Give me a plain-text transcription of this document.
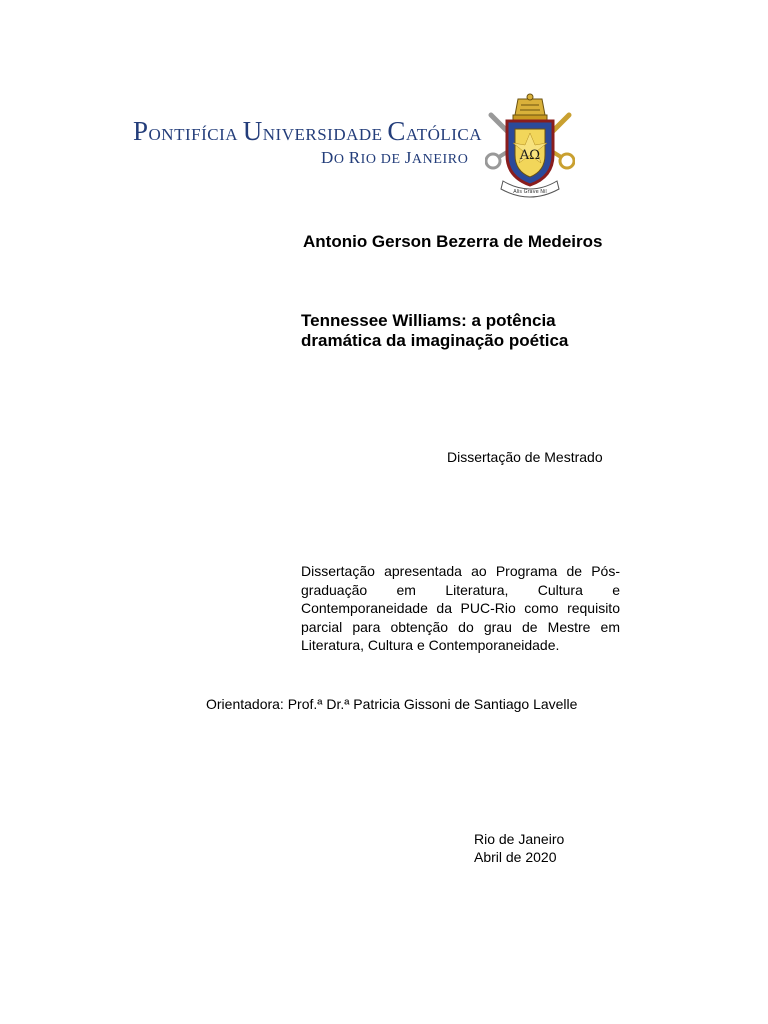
PONTIFÍCIA UNIVERSIDADE CATÓLICA
DO RIO DE JANEIRO	ΑΩ
Alis Grave Nil
Antonio Gerson Bezerra de Medeiros
Tennessee Williams: a potência
dramática da imaginação poética
Dissertação de Mestrado
Dissertação apresentada ao Programa de Pós-graduação em Literatura, Cultura e Contemporaneidade da PUC-Rio como requisito parcial para obtenção do grau de Mestre em Literatura, Cultura e Contemporaneidade.
Orientadora: Prof.ª Dr.ª Patricia Gissoni de Santiago Lavelle
Rio de Janeiro
Abril de 2020
